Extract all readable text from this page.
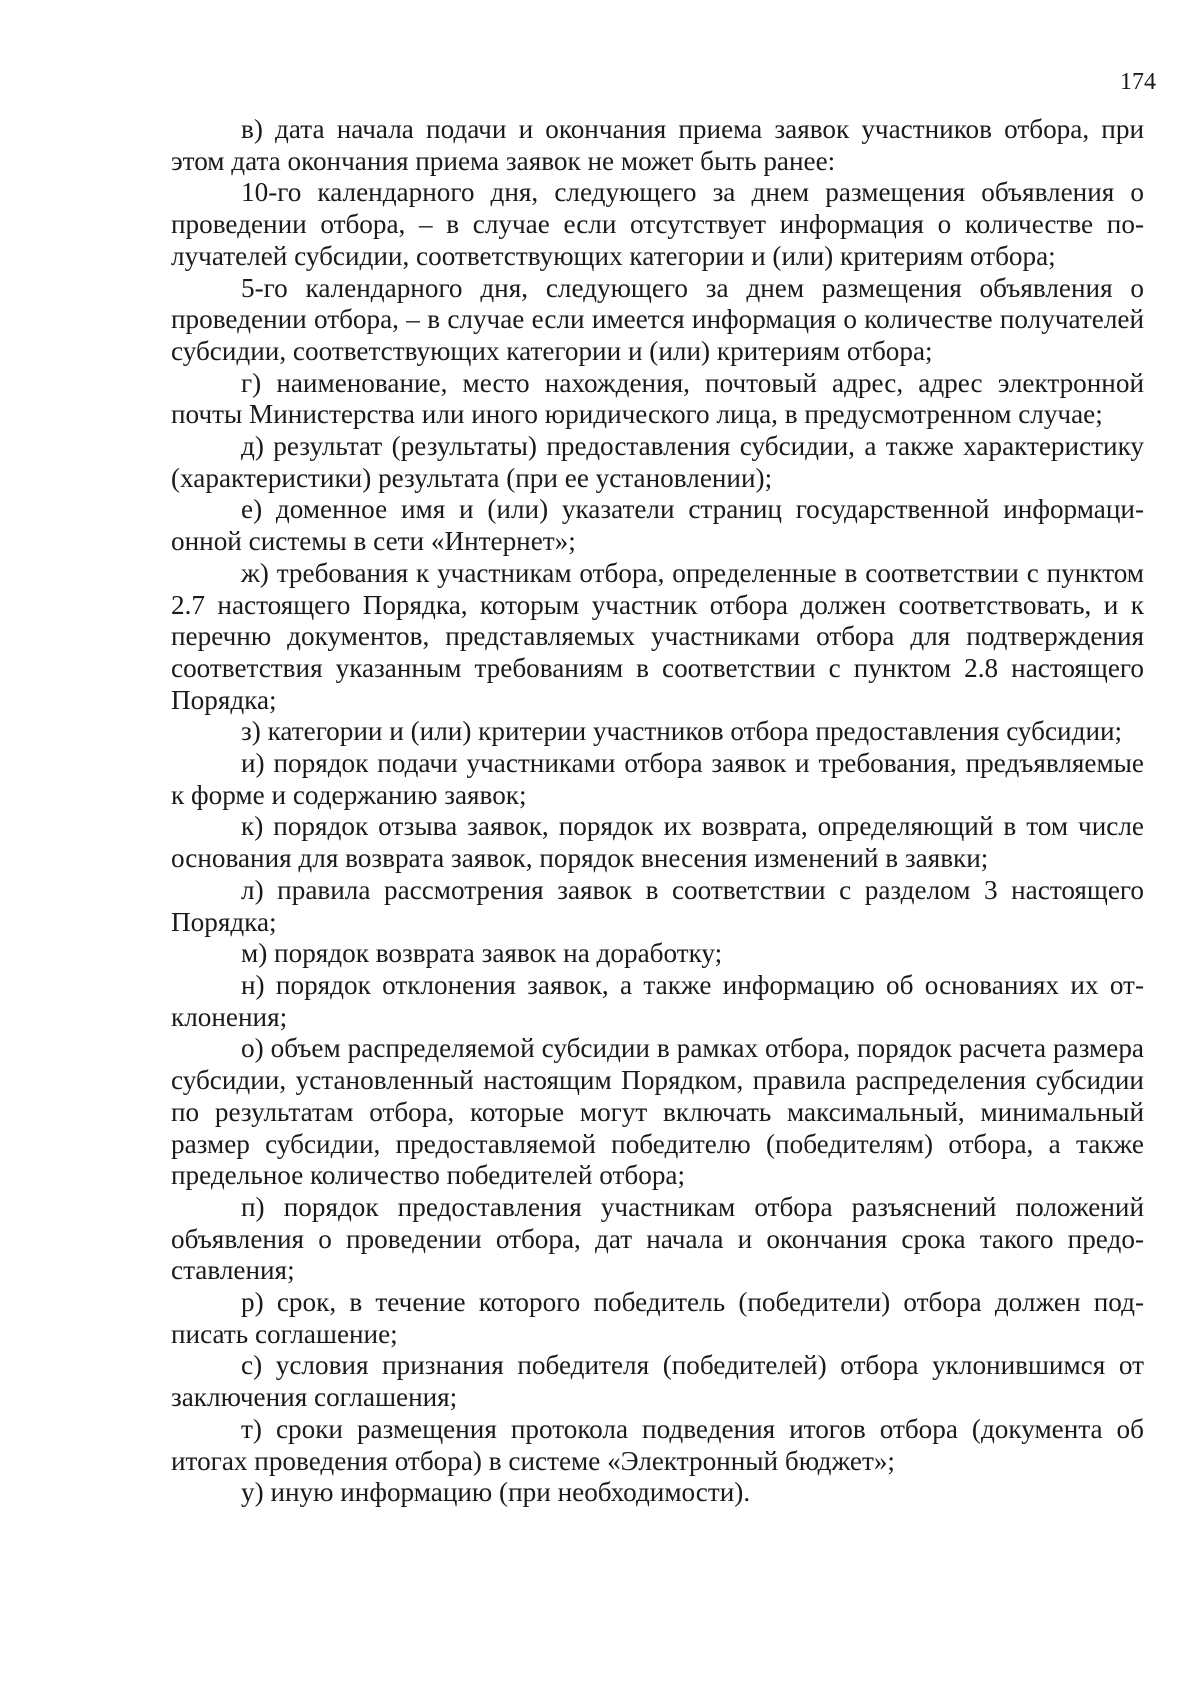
174

в) дата начала подачи и окончания приема заявок участников отбора, при этом дата окончания приема заявок не может быть ранее:

10-го календарного дня, следующего за днем размещения объявления о проведении отбора, – в случае если отсутствует информация о количестве получателей субсидии, соответствующих категории и (или) критериям отбора;

5-го календарного дня, следующего за днем размещения объявления о проведении отбора, – в случае если имеется информация о количестве получателей субсидии, соответствующих категории и (или) критериям отбора;

г) наименование, место нахождения, почтовый адрес, адрес электронной почты Министерства или иного юридического лица, в предусмотренном случае;

д) результат (результаты) предоставления субсидии, а также характеристику (характеристики) результата (при ее установлении);

е) доменное имя и (или) указатели страниц государственной информационной системы в сети «Интернет»;

ж) требования к участникам отбора, определенные в соответствии с пунктом 2.7 настоящего Порядка, которым участник отбора должен соответствовать, и к перечню документов, представляемых участниками отбора для подтверждения соответствия указанным требованиям в соответствии с пунктом 2.8 настоящего Порядка;

з) категории и (или) критерии участников отбора предоставления субсидии;

и) порядок подачи участниками отбора заявок и требования, предъявляемые к форме и содержанию заявок;

к) порядок отзыва заявок, порядок их возврата, определяющий в том числе основания для возврата заявок, порядок внесения изменений в заявки;

л) правила рассмотрения заявок в соответствии с разделом 3 настоящего Порядка;

м) порядок возврата заявок на доработку;

н) порядок отклонения заявок, а также информацию об основаниях их отклонения;

о) объем распределяемой субсидии в рамках отбора, порядок расчета размера субсидии, установленный настоящим Порядком, правила распределения субсидии по результатам отбора, которые могут включать максимальный, минимальный размер субсидии, предоставляемой победителю (победителям) отбора, а также предельное количество победителей отбора;

п) порядок предоставления участникам отбора разъяснений положений объявления о проведении отбора, дат начала и окончания срока такого предоставления;

р) срок, в течение которого победитель (победители) отбора должен подписать соглашение;

с) условия признания победителя (победителей) отбора уклонившимся от заключения соглашения;

т) сроки размещения протокола подведения итогов отбора (документа об итогах проведения отбора) в системе «Электронный бюджет»;

у) иную информацию (при необходимости).
